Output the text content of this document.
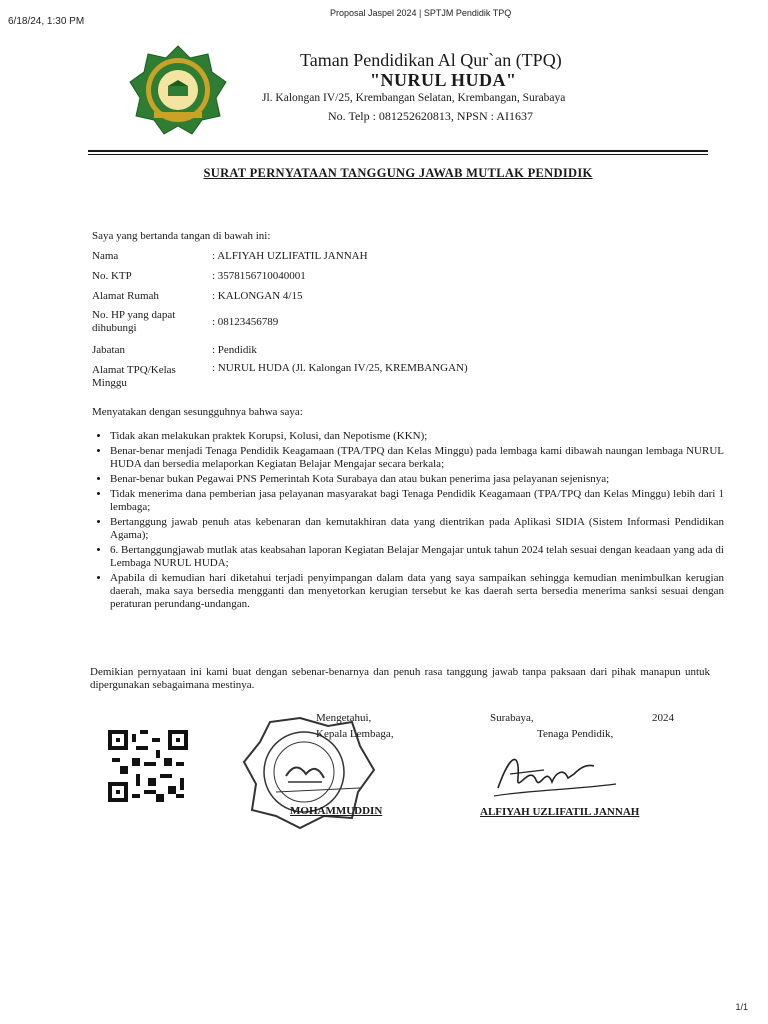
6/18/24, 1:30 PM
Proposal Jaspel 2024 | SPTJM Pendidik TPQ
Taman Pendidikan Al Qur`an (TPQ)
"NURUL HUDA"
Jl. Kalongan IV/25, Krembangan Selatan, Krembangan, Surabaya
No. Telp : 081252620813, NPSN : AI1637
SURAT PERNYATAAN TANGGUNG JAWAB MUTLAK PENDIDIK
Saya yang bertanda tangan di bawah ini:
Nama	: ALFIYAH UZLIFATIL JANNAH
No. KTP	: 3578156710040001
Alamat Rumah	: KALONGAN 4/15
No. HP yang dapat dihubungi	: 08123456789
Jabatan	: Pendidik
Alamat TPQ/Kelas Minggu
: NURUL HUDA (Jl. Kalongan IV/25, KREMBANGAN)
Menyatakan dengan sesungguhnya bahwa saya:
• Tidak akan melakukan praktek Korupsi, Kolusi, dan Nepotisme (KKN);
• Benar-benar menjadi Tenaga Pendidik Keagamaan (TPA/TPQ dan Kelas Minggu) pada lembaga kami dibawah naungan lembaga NURUL HUDA dan bersedia melaporkan Kegiatan Belajar Mengajar secara berkala;
• Benar-benar bukan Pegawai PNS Pemerintah Kota Surabaya dan atau bukan penerima jasa pelayanan sejenisnya;
• Tidak menerima dana pemberian jasa pelayanan masyarakat bagi Tenaga Pendidik Keagamaan (TPA/TPQ dan Kelas Minggu) lebih dari 1 lembaga;
• Bertanggung jawab penuh atas kebenaran dan kemutakhiran data yang dientrikan pada Aplikasi SIDIA (Sistem Informasi Pendidikan Agama);
• 6. Bertanggungjawab mutlak atas keabsahan laporan Kegiatan Belajar Mengajar untuk tahun 2024 telah sesuai dengan keadaan yang ada di Lembaga NURUL HUDA;
• Apabila di kemudian hari diketahui terjadi penyimpangan dalam data yang saya sampaikan sehingga kemudian menimbulkan kerugian daerah, maka saya bersedia mengganti dan menyetorkan kerugian tersebut ke kas daerah serta bersedia menerima sanksi sesuai dengan peraturan perundang-undangan.
Demikian pernyataan ini kami buat dengan sebenar-benarnya dan penuh rasa tanggung jawab tanpa paksaan dari pihak manapun untuk dipergunakan sebagaimana mestinya.
Mengetahui,
Kepala Lembaga,
Surabaya,	2024
Tenaga Pendidik,
MOHAMMUDDIN	ALFIYAH UZLIFATIL JANNAH
1/1
